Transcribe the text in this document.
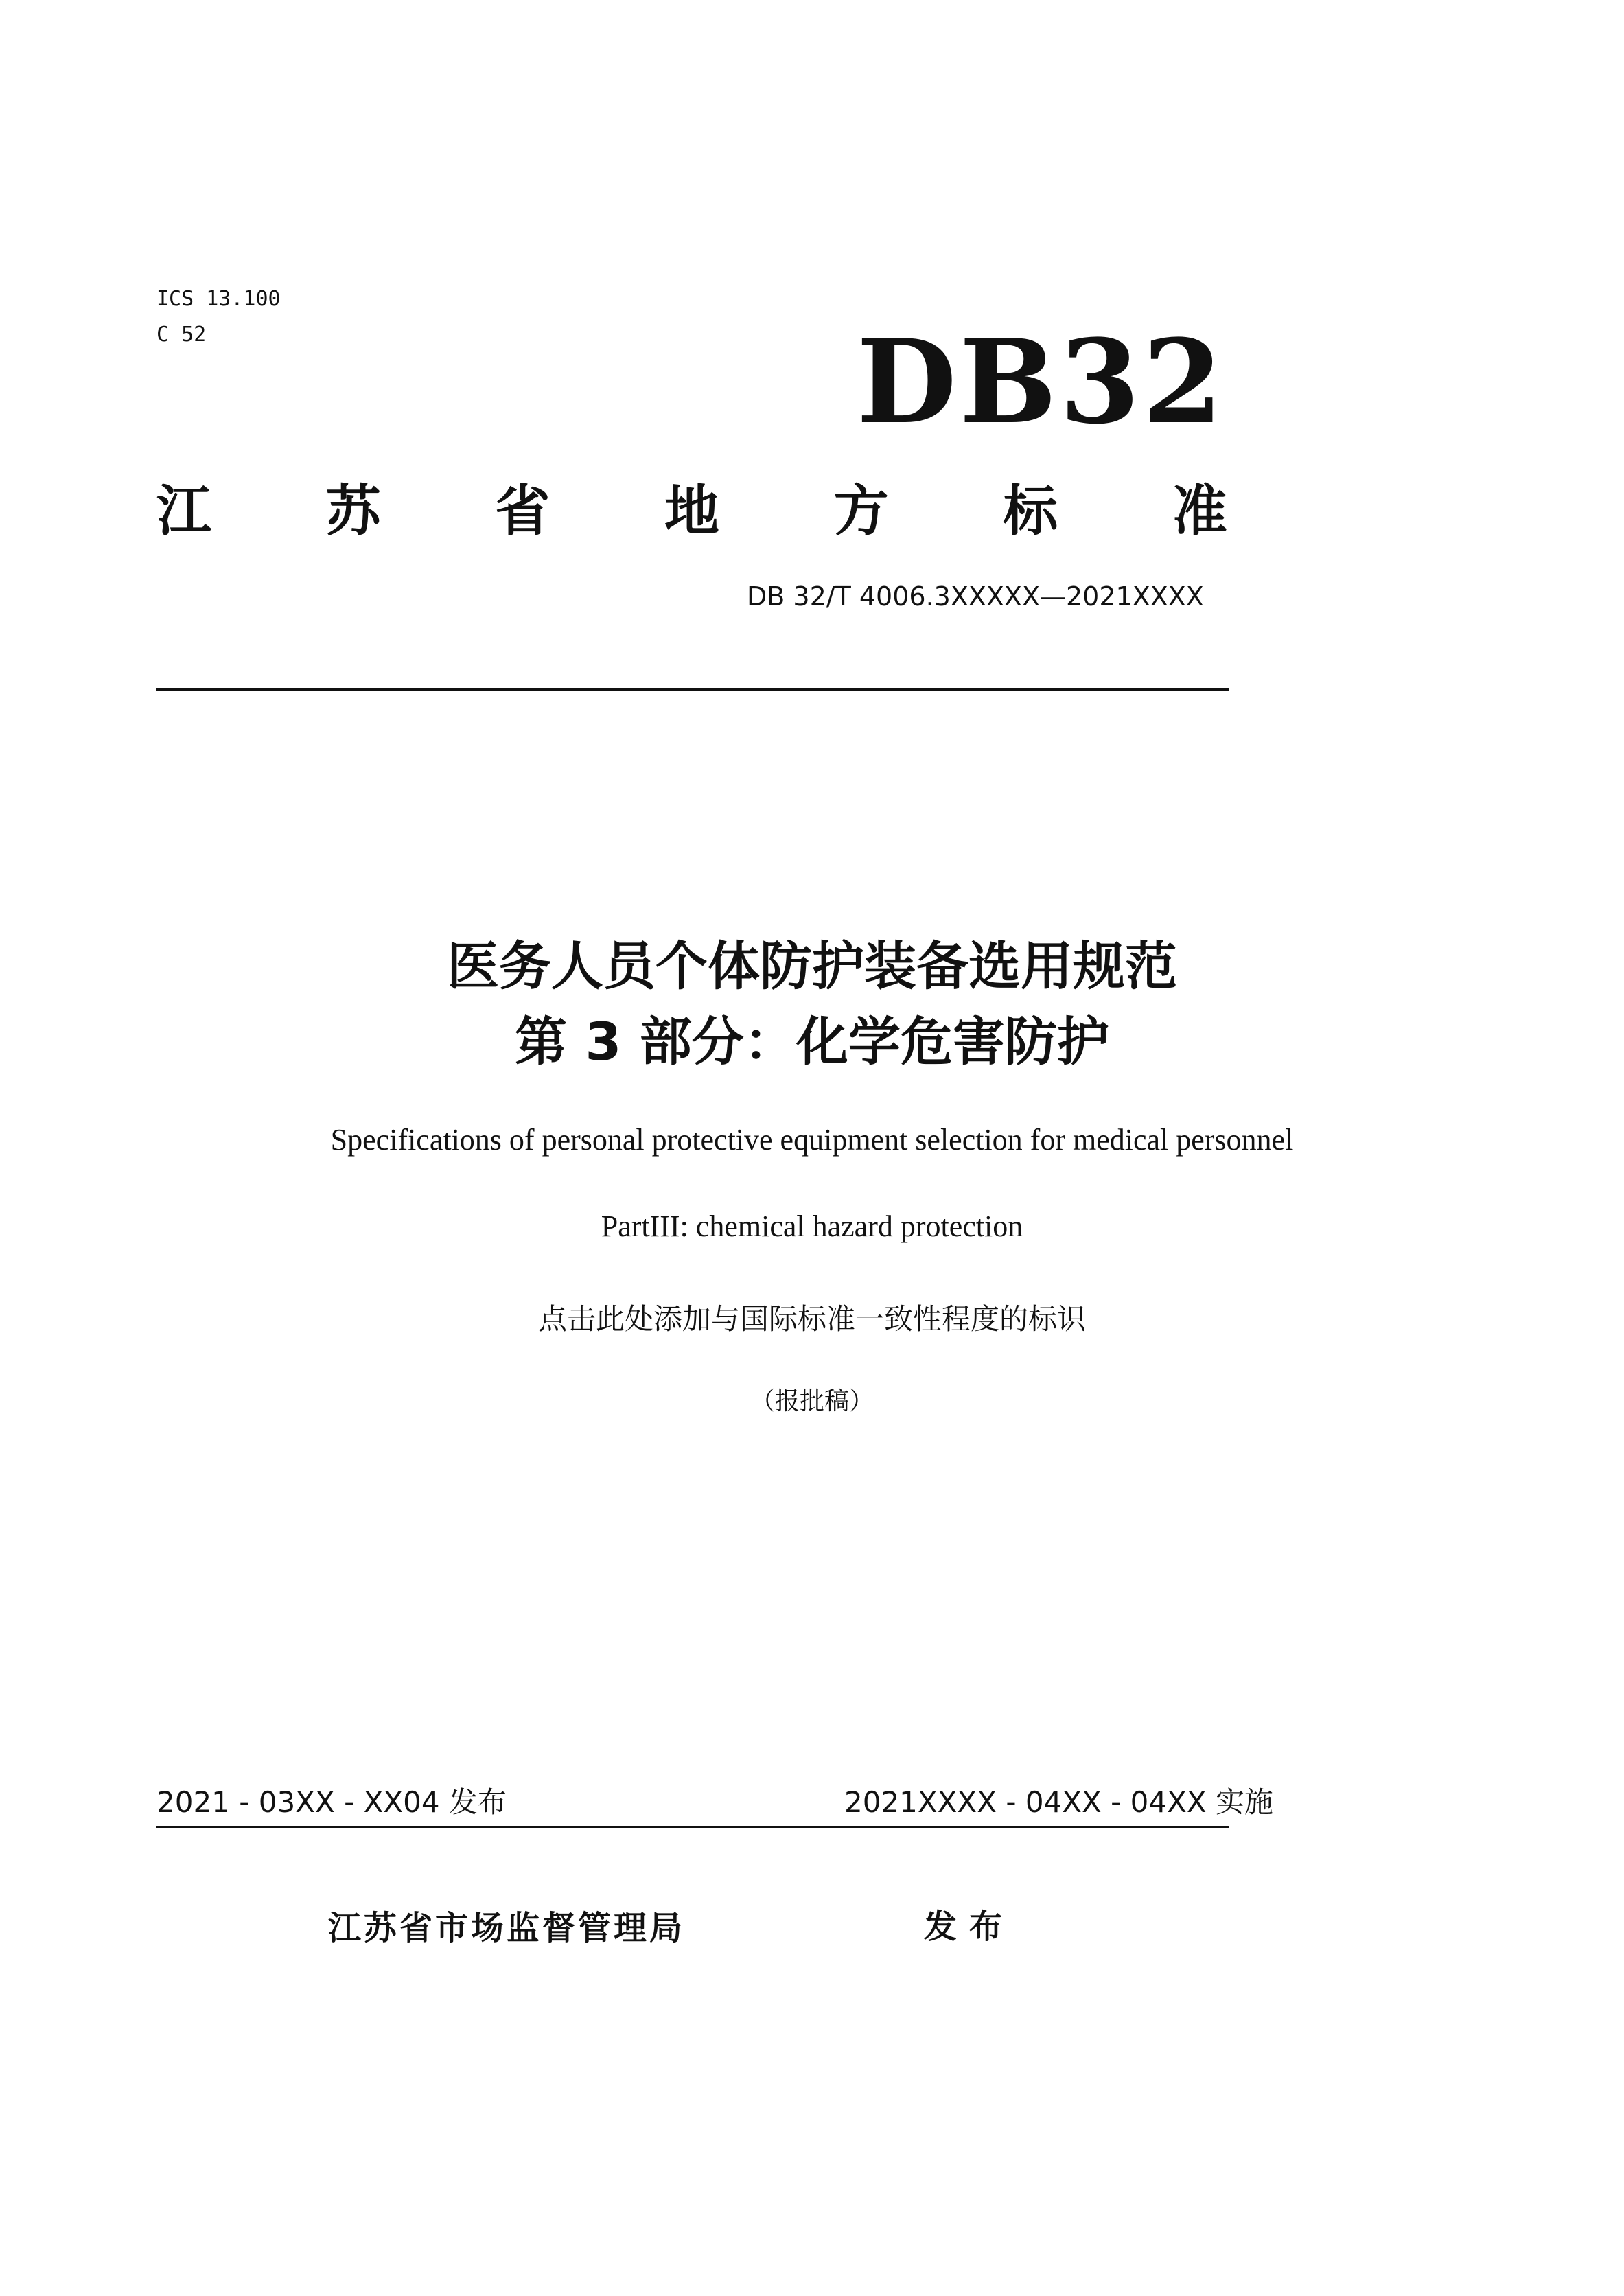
ICS 13.100
C 52	DB32
江 苏 省 地 方 标 准
DB 32/T 4006.3XXXXX—2021XXXX
医务人员个体防护装备选用规范
第 3 部分：化学危害防护
Specifications of personal protective equipment selection for medical personnel
PartIII: chemical hazard protection
点击此处添加与国际标准一致性程度的标识
（报批稿）
2021 - 03XX - XX04 发布	2021XXXX - 04XX - 04XX 实施
江苏省市场监督管理局	发布
